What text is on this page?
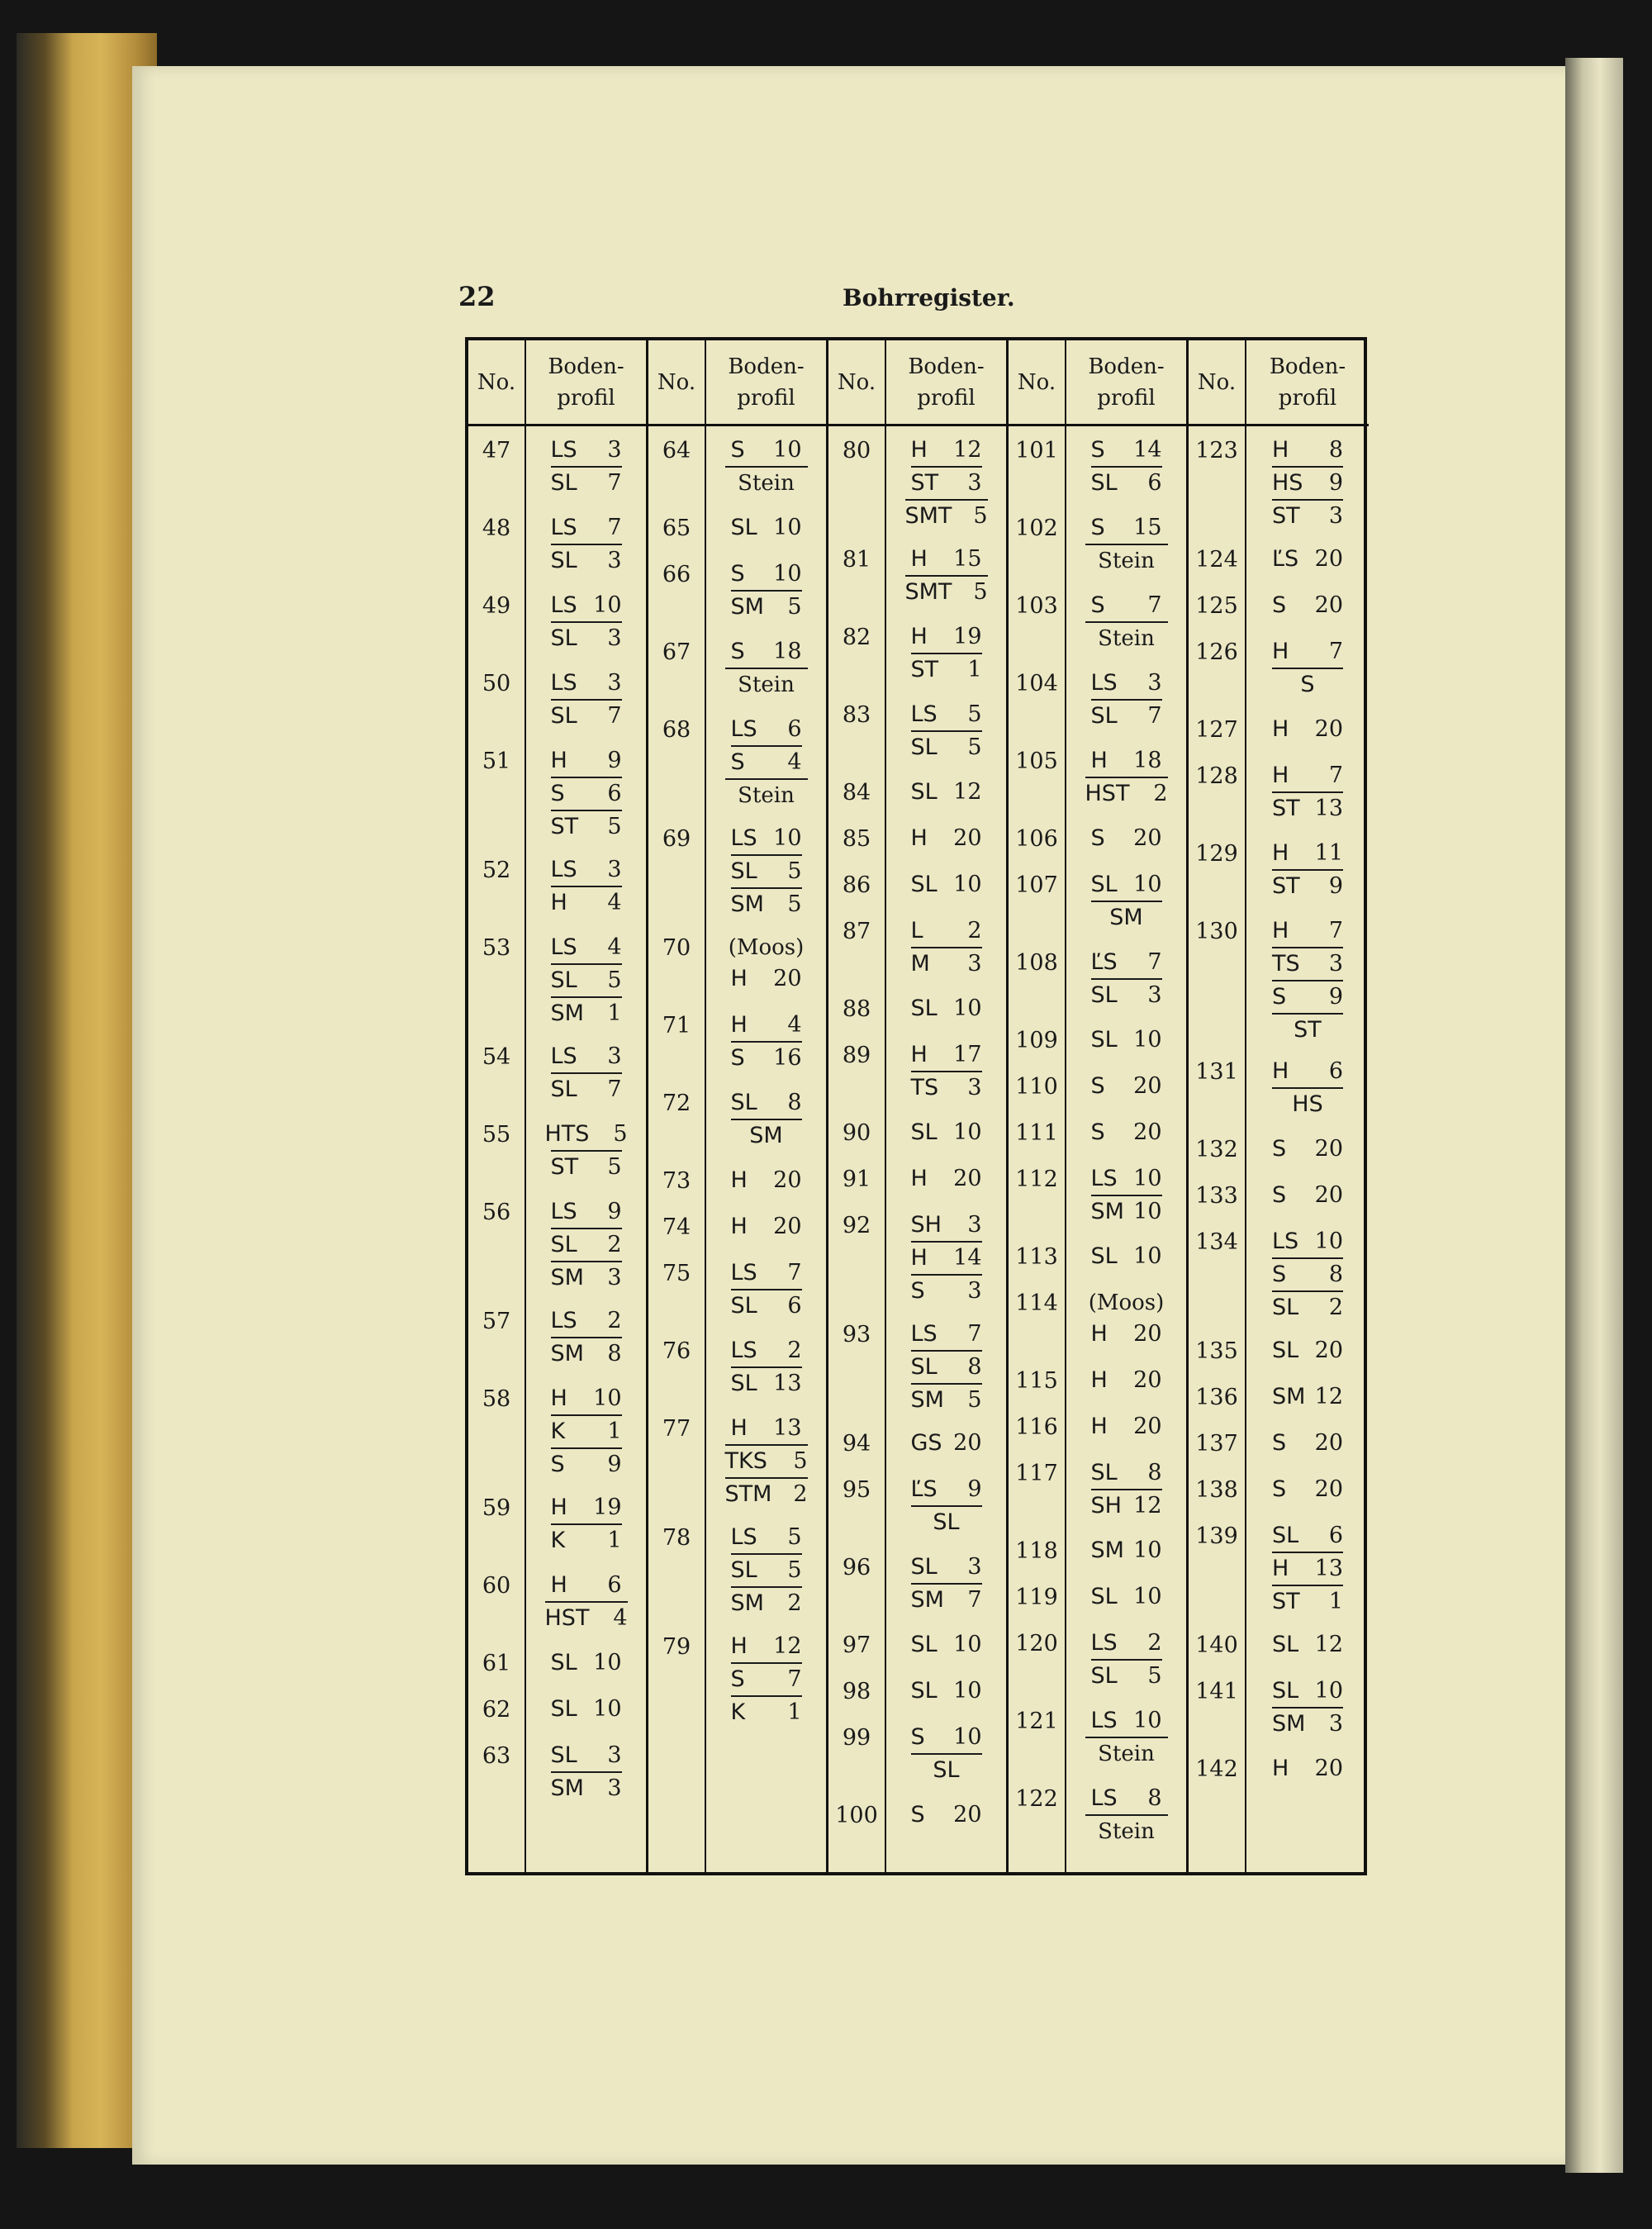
22	Bohrregister.
No.
47
48
49
50
51
52
53
54
55
56
57
58
59
60
61
62
63
Boden-
profil
LS 3
SL 7
LS 7
SL 3
LS 10
SL 3
LS 3
SL 7
H 9
S 6
ST 5
LS 3
H 4
LS 4
SL 5
SM 1
LS 3
SL 7
HTS 5
ST 5
LS 9
SL 2
SM 3
LS 2
SM 8
H 10
K 1
S 9
H 19
K 1
H 6
HST 4
SL 10
SL 10
SL 3
SM 3
No.
64
65
66
67
68
69
70
71
72
73
74
75
76
77
78
79
Boden-
profil
S 10
Stein
SL 10
S 10
SM 5
S 18
Stein
LS 6
S 4
Stein
LS 10
SL 5
SM 5
(Moos)
H 20
H 4
S 16
SL 8
SM
H 20
H 20
LS 7
SL 6
LS 2
SL 13
H 13
TKS 5
STM 2
LS 5
SL 5
SM 2
H 12
S 7
K 1
No.
80
81
82
83
84
85
86
87
88
89
90
91
92
93
94
95
96
97
98
99
100
Boden-
profil
H 12
ST 3
SMT 5
H 15
SMT 5
H 19
ST 1
LS 5
SL 5
SL 12
H 20
SL 10
L 2
M 3
SL 10
H 17
TS 3
SL 10
H 20
SH 3
H 14
S 3
LS 7
SL 8
SM 5
GS 20
ĽS 9
SL
SL 3
SM 7
SL 10
SL 10
S 10
SL
S 20
No.
101
102
103
104
105
106
107
108
109
110
111
112
113
114
115
116
117
118
119
120
121
122
Boden-
profil
S 14
SL 6
S 15
Stein
S 7
Stein
LS 3
SL 7
H 18
HST 2
S 20
SL 10
SM
ĽS 7
SL 3
SL 10
S 20
S 20
LS 10
SM 10
SL 10
(Moos)
H 20
H 20
H 20
SL 8
SH 12
SM 10
SL 10
LS 2
SL 5
LS 10
Stein
LS 8
Stein
No.
123
124
125
126
127
128
129
130
131
132
133
134
135
136
137
138
139
140
141
142
Boden-
profil
H 8
HS 9
ST 3
ĽS 20
S 20
H 7
S
H 20
H 7
ST 13
H 11
ST 9
H 7
TS 3
S 9
ST
H 6
HS
S 20
S 20
LS 10
S 8
SL 2
SL 20
SM 12
S 20
S 20
SL 6
H 13
ST 1
SL 12
SL 10
SM 3
H 20
